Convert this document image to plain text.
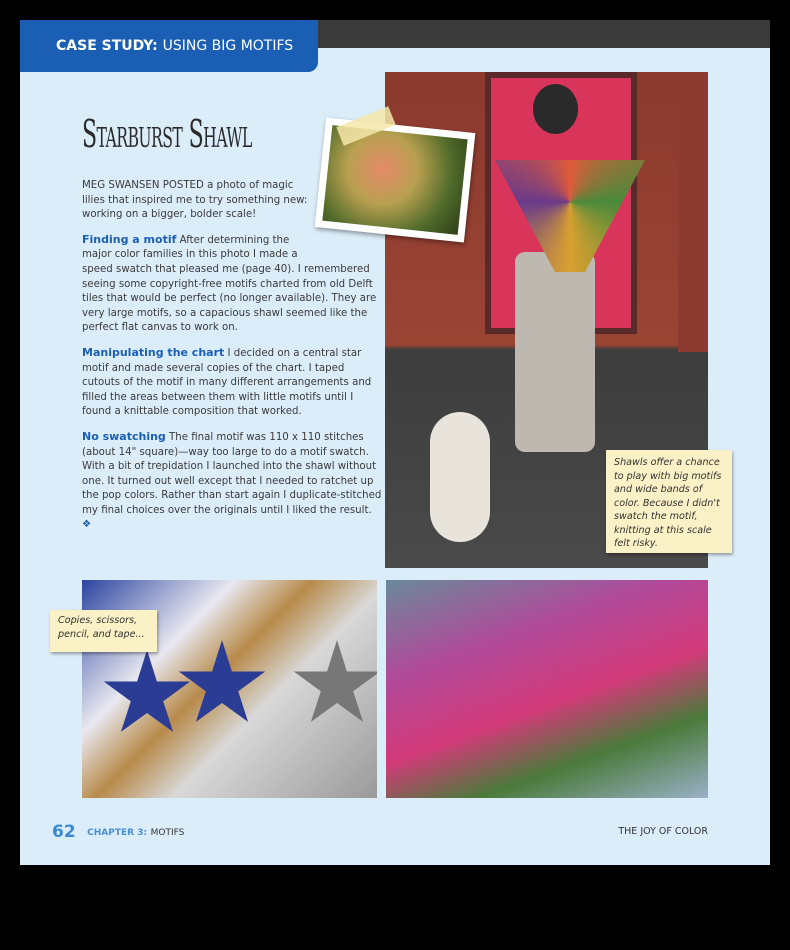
CASE STUDY: USING BIG MOTIFS
Starburst Shawl

MEG SWANSEN POSTED a photo of magic lilies that inspired me to try something new: working on a bigger, bolder scale!

Finding a motif After determining the major color families in this photo I made a speed swatch that pleased me (page 40). I remembered seeing some copyright-free motifs charted from old Delft tiles that would be perfect (no longer available). They are very large motifs, so a capacious shawl seemed like the perfect flat canvas to work on.

Manipulating the chart I decided on a central star motif and made several copies of the chart. I taped cutouts of the motif in many different arrangements and filled the areas between them with little motifs until I found a knittable composition that worked.

No swatching The final motif was 110 x 110 stitches (about 14" square)—way too large to do a motif swatch. With a bit of trepidation I launched into the shawl without one. It turned out well except that I needed to ratchet up the pop colors. Rather than start again I duplicate-stitched my final choices over the originals until I liked the result. ❖

Shawls offer a chance to play with big motifs and wide bands of color. Because I didn't swatch the motif, knitting at this scale felt risky.
Copies, scissors, pencil, and tape...
62 CHAPTER 3: MOTIFS	THE JOY OF COLOR
